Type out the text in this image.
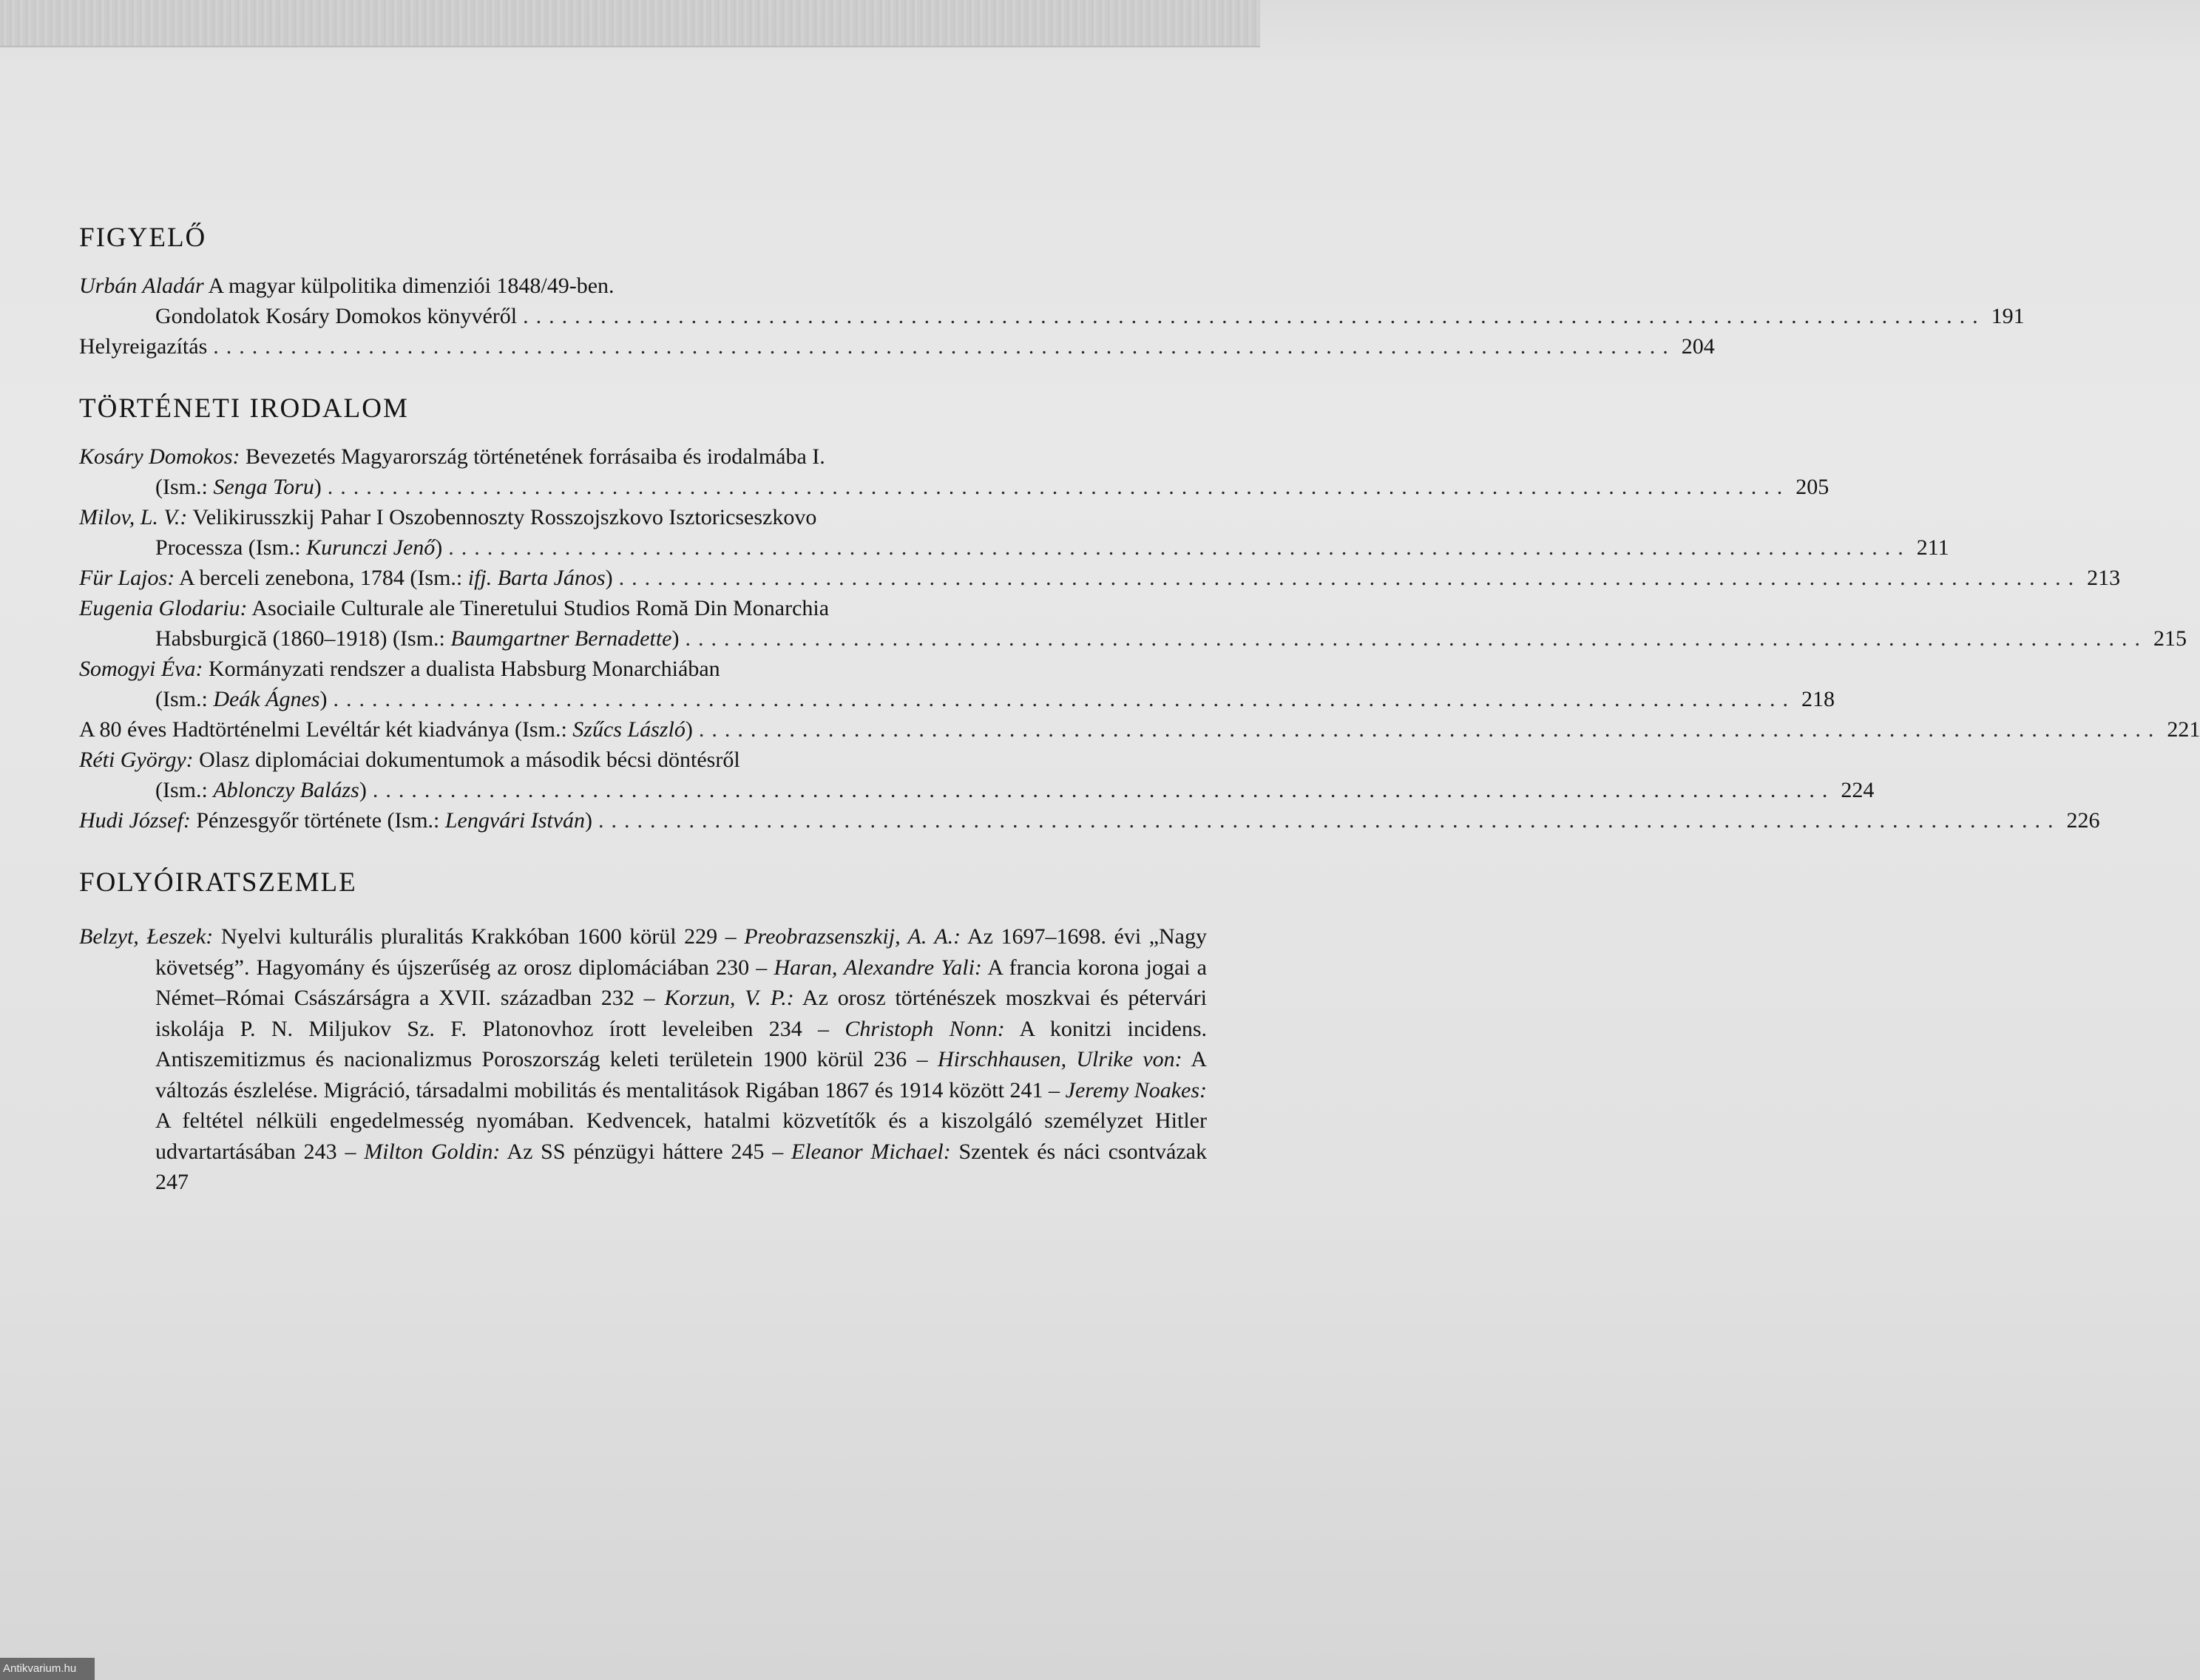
FIGYELŐ
Urbán Aladár A magyar külpolitika dimenziói 1848/49-ben.
Gondolatok Kosáry Domokos könyvéről ................................................................................................................. 191
Helyreigazítás ................................................................................................................. 204
TÖRTÉNETI IRODALOM
Kosáry Domokos: Bevezetés Magyarország történetének forrásaiba és irodalmába I.
(Ism.: Senga Toru) ................................................................................................................. 205
Milov, L. V.: Velikirusszkij Pahar I Oszobennoszty Rosszojszkovo Isztoricseszkovo
Processza (Ism.: Kurunczi Jenő) ................................................................................................................. 211
Für Lajos: A berceli zenebona, 1784 (Ism.: ifj. Barta János) ................................................................................................................. 213
Eugenia Glodariu: Asociaile Culturale ale Tineretului Studios Romă Din Monarchia
Habsburgică (1860–1918) (Ism.: Baumgartner Bernadette) ................................................................................................................. 215
Somogyi Éva: Kormányzati rendszer a dualista Habsburg Monarchiában
(Ism.: Deák Ágnes) ................................................................................................................. 218
A 80 éves Hadtörténelmi Levéltár két kiadványa (Ism.: Szűcs László) ................................................................................................................. 221
Réti György: Olasz diplomáciai dokumentumok a második bécsi döntésről
(Ism.: Ablonczy Balázs) ................................................................................................................. 224
Hudi József: Pénzesgyőr története (Ism.: Lengvári István) ................................................................................................................. 226
FOLYÓIRATSZEMLE

Belzyt, Łeszek: Nyelvi kulturális pluralitás Krakkóban 1600 körül 229 – Preobrazsenszkij, A. A.: Az 1697–1698. évi „Nagy követség”. Hagyomány és újszerűség az orosz diplomáciában 230 – Haran, Alexandre Yali: A francia korona jogai a Német–Római Császárságra a XVII. században 232 – Korzun, V. P.: Az orosz történészek moszkvai és pétervári iskolája P. N. Miljukov Sz. F. Platonovhoz írott leveleiben 234 – Christoph Nonn: A konitzi incidens. Antiszemitizmus és nacionalizmus Poroszország keleti területein 1900 körül 236 – Hirschhausen, Ulrike von: A változás észlelése. Migráció, társadalmi mobilitás és mentalitások Rigában 1867 és 1914 között 241 – Jeremy Noakes: A feltétel nélküli engedelmesség nyomában. Kedvencek, hatalmi közvetítők és a kiszolgáló személyzet Hitler udvartartásában 243 – Milton Goldin: Az SS pénzügyi háttere 245 – Eleanor Michael: Szentek és náci csontvázak 247

Antikvarium.hu
